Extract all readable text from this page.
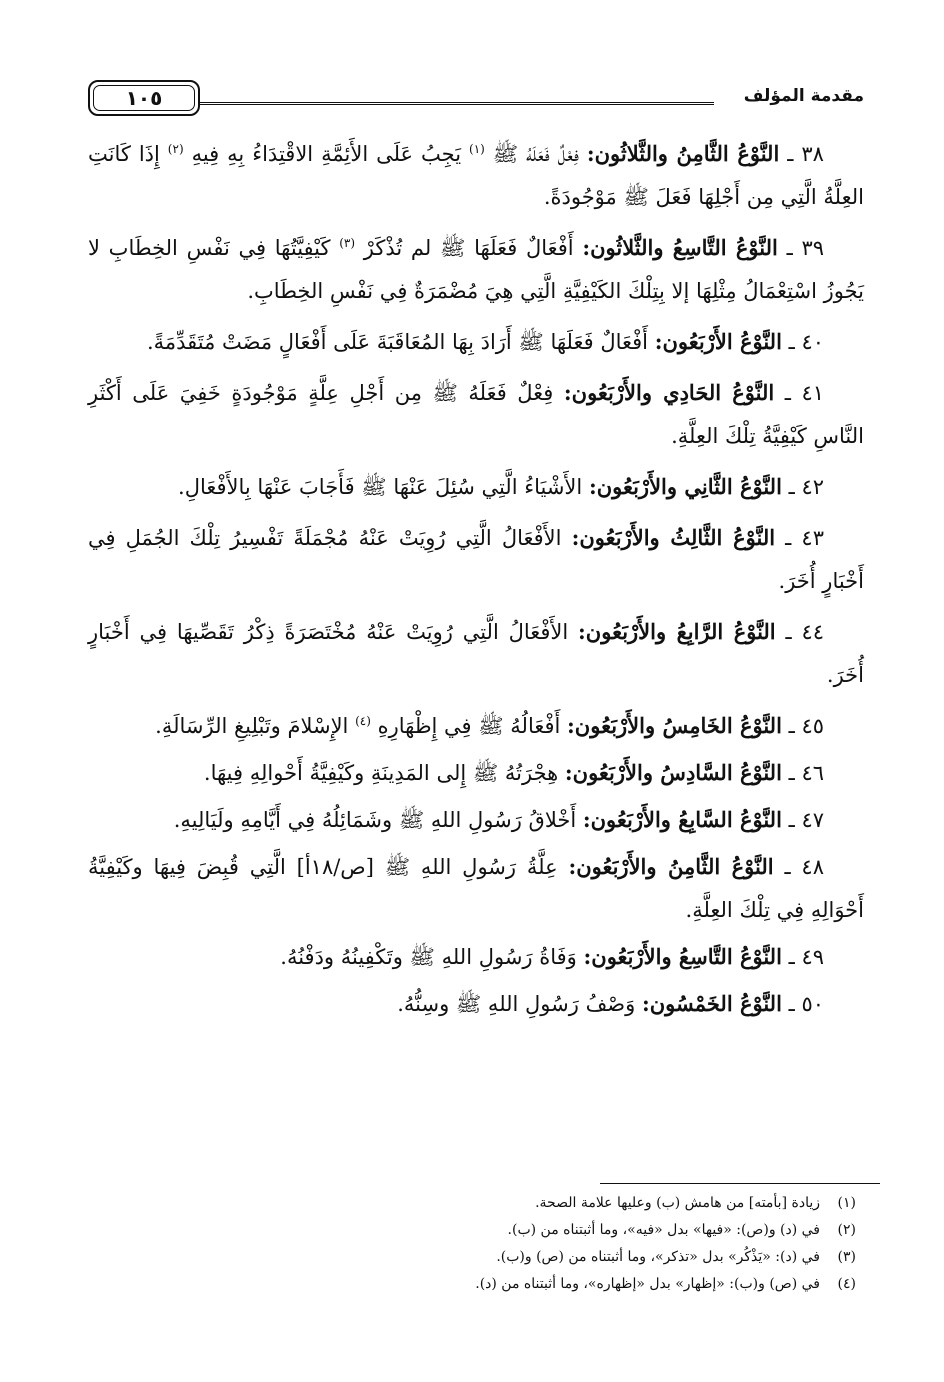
مقدمة المؤلف
١٠٥

٣٨ ـ النَّوْعُ الثَّامِنُ والثَّلاثُون: فِعْلٌ فَعَلَهُ ﷺ $^{(١)}$ يَجِبُ عَلَى الأَئِمَّةِ الاقْتِدَاءُ بِهِ فِيهِ $^{(٢)}$ إِذَا كَانَتِ العِلَّةُ الَّتِي مِن أَجْلِهَا فَعَلَ ﷺ مَوْجُودَةً.

٣٩ ـ النَّوْعُ التَّاسِعُ والثَّلاثُون: أَفْعَالٌ فَعَلَهَا ﷺ لم تُذْكَرْ $^{(٣)}$ كَيْفِيَّتُهَا فِي نَفْسِ الخِطَابِ لا يَجُوزُ اسْتِعْمَالُ مِثْلِهَا إلا بِتِلْكَ الكَيْفِيَّةِ الَّتِي هِيَ مُضْمَرَةٌ فِي نَفْسِ الخِطَابِ.

٤٠ ـ النَّوْعُ الأَرْبَعُون: أَفْعَالٌ فَعَلَهَا ﷺ أَرَادَ بِهَا المُعَاقَبَةَ عَلَى أَفْعَالٍ مَضَتْ مُتَقَدِّمَةً.

٤١ ـ النَّوْعُ الحَادِي والأَرْبَعُون: فِعْلٌ فَعَلَهُ ﷺ مِن أَجْلِ عِلَّةٍ مَوْجُودَةٍ خَفِيَ عَلَى أَكْثَرِ النَّاسِ كَيْفِيَّةُ تِلْكَ العِلَّةِ.

٤٢ ـ النَّوْعُ الثَّانِي والأَرْبَعُون: الأَشْيَاءُ الَّتِي سُئِلَ عَنْهَا ﷺ فَأَجَابَ عَنْهَا بِالأَفْعَالِ.

٤٣ ـ النَّوْعُ الثَّالِثُ والأَرْبَعُون: الأَفْعَالُ الَّتِي رُوِيَتْ عَنْهُ مُجْمَلَةً تَفْسِيرُ تِلْكَ الجُمَلِ فِي أَخْبَارٍ أُخَرَ.

٤٤ ـ النَّوْعُ الرَّابِعُ والأَرْبَعُون: الأَفْعَالُ الَّتِي رُوِيَتْ عَنْهُ مُخْتَصَرَةً ذِكْرُ تَقَصِّيهَا فِي أَخْبَارٍ أُخَرَ.

٤٥ ـ النَّوْعُ الخَامِسُ والأَرْبَعُون: أَفْعَالُهُ ﷺ فِي إِظْهَارِهِ $^{(٤)}$ الإِسْلامَ وتَبْلِيغِ الرِّسَالَةِ.

٤٦ ـ النَّوْعُ السَّادِسُ والأَرْبَعُون: هِجْرَتُهُ ﷺ إِلى المَدِينَةِ وكَيْفِيَّةُ أَحْوالِهِ فِيهَا.

٤٧ ـ النَّوْعُ السَّابِعُ والأَرْبَعُون: أَخْلاقُ رَسُولِ اللهِ ﷺ وشَمَائِلُهُ فِي أَيَّامِهِ ولَيَالِيهِ.

٤٨ ـ النَّوْعُ الثَّامِنُ والأَرْبَعُون: عِلَّةُ رَسُولِ اللهِ ﷺ [ص/١٨أ] الَّتِي قُبِضَ فِيهَا وكَيْفِيَّةُ أَحْوَالِهِ فِي تِلْكَ العِلَّةِ.

٤٩ ـ النَّوْعُ التَّاسِعُ والأَرْبَعُون: وَفَاةُ رَسُولِ اللهِ ﷺ وتَكْفِينُهُ ودَفْنُهُ.

٥٠ ـ النَّوْعُ الخَمْسُون: وَصْفُ رَسُولِ اللهِ ﷺ وسِنُّهُ.

(١)زيادة [بأمته] من هامش (ب) وعليها علامة الصحة.
(٢)في (د) و(ص): «فيها» بدل «فيه»، وما أثبتناه من (ب).
(٣)في (د): «يَذْكُر» بدل «تذكر»، وما أثبتناه من (ص) و(ب).
(٤)في (ص) و(ب): «إظهار» بدل «إظهاره»، وما أثبتناه من (د).
